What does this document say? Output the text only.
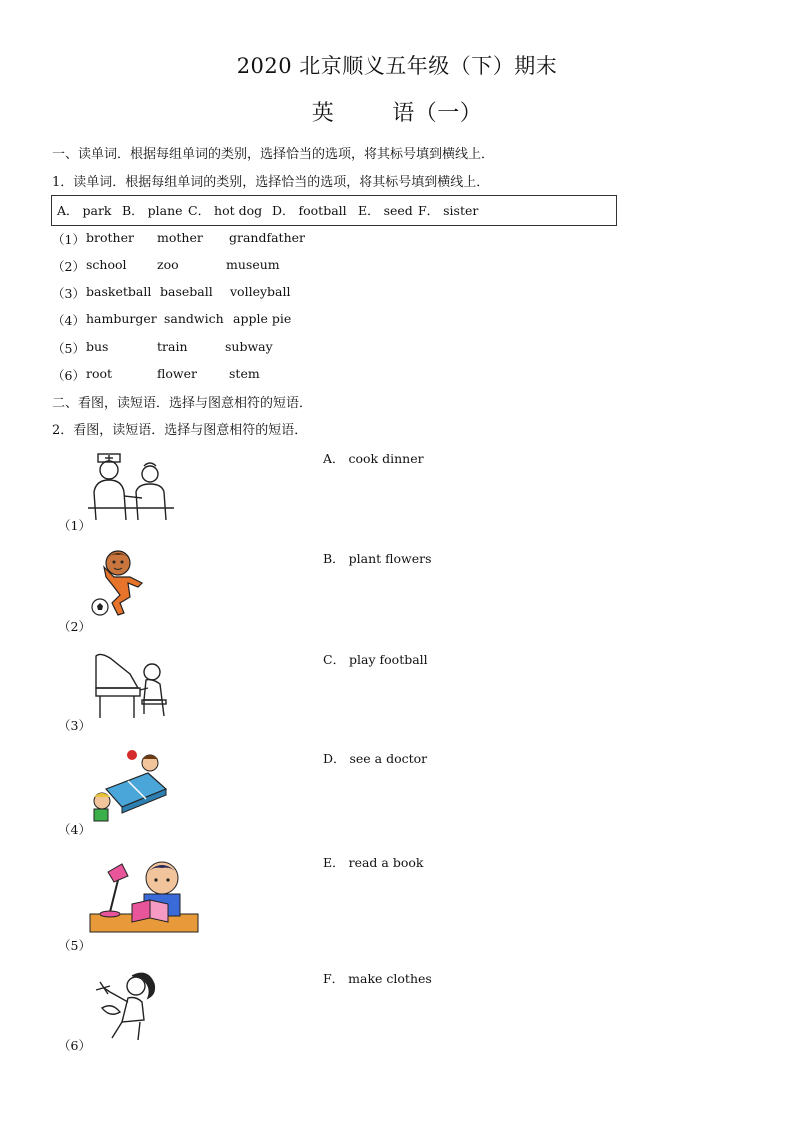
2020 北京顺义五年级（下）期末
英	语（一）
一、读单词．根据每组单词的类别，选择恰当的选项，将其标号填到横线上．
1．读单词．根据每组单词的类别，选择恰当的选项，将其标号填到横线上．
A． park B． plane C． hot dog D． football E． seed F． sister
（1） brother mother grandfather
（2） school zoo	museum
（3） basketball baseball volleyball
（4） hamburger sandwich apple pie
（5） bus	train	subway
（6） root	flower	stem
二、看图，读短语．选择与图意相符的短语．
2．看图，读短语．选择与图意相符的短语．
A． cook dinner
B． plant flowers
C． play football
D． see a doctor
E． read a book
F． make clothes
（1）
（2）
（3）
（4）
（5）
（6）
